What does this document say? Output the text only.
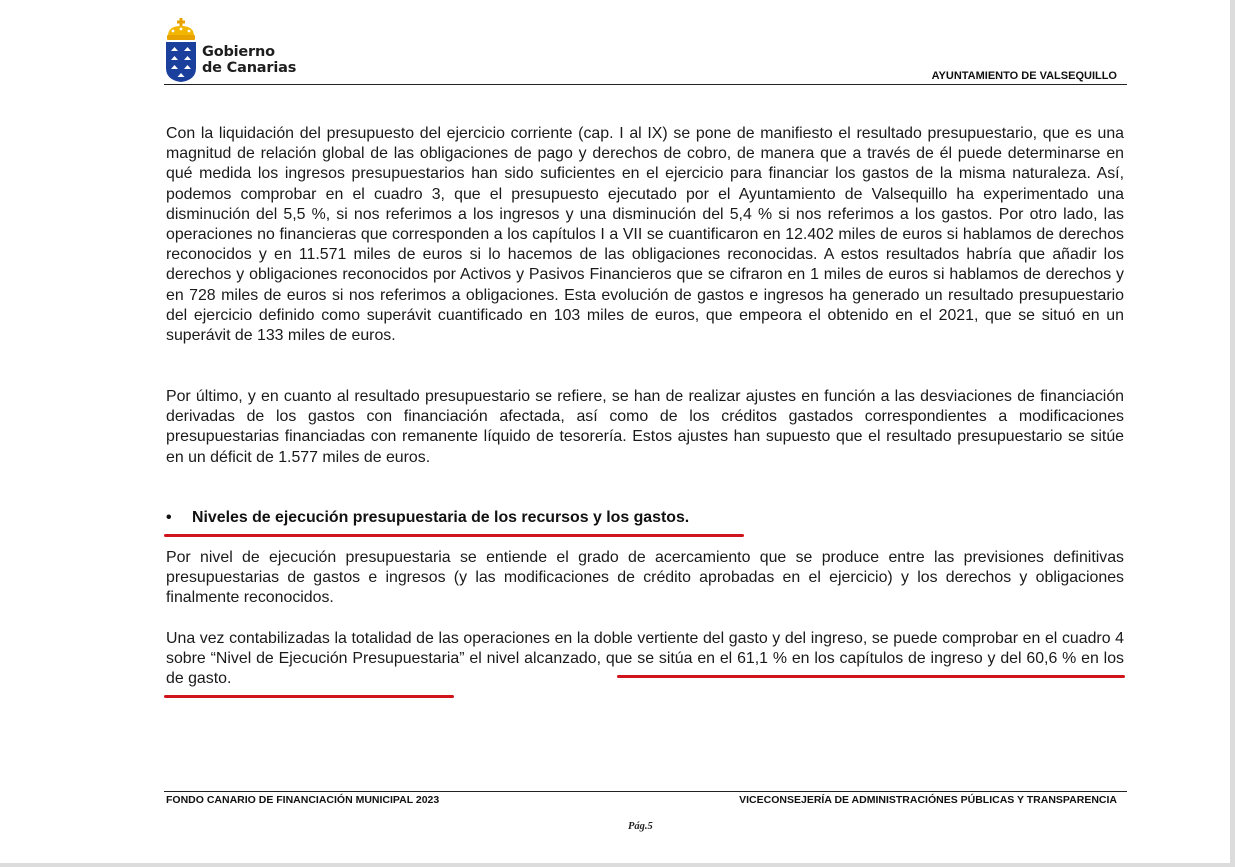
Gobierno
de Canarias	AYUNTAMIENTO DE VALSEQUILLO
Con la liquidación del presupuesto del ejercicio corriente (cap. I al IX) se pone de manifiesto el resultado presupuestario, que es una magnitud de relación global de las obligaciones de pago y derechos de cobro, de manera que a través de él puede determinarse en qué medida los ingresos presupuestarios han sido suficientes en el ejercicio para financiar los gastos de la misma naturaleza. Así, podemos comprobar en el cuadro 3, que el presupuesto ejecutado por el Ayuntamiento de Valsequillo ha experimentado una disminución del 5,5 %, si nos referimos a los ingresos y una disminución del 5,4 % si nos referimos a los gastos. Por otro lado, las operaciones no financieras que corresponden a los capítulos I a VII se cuantificaron en 12.402 miles de euros si hablamos de derechos reconocidos y en 11.571 miles de euros si lo hacemos de las obligaciones reconocidas. A estos resultados habría que añadir los derechos y obligaciones reconocidos por Activos y Pasivos Financieros que se cifraron en 1 miles de euros si hablamos de derechos y en 728 miles de euros si nos referimos a obligaciones. Esta evolución de gastos e ingresos ha generado un resultado presupuestario del ejercicio definido como superávit cuantificado en 103 miles de euros, que empeora el obtenido en el 2021, que se situó en un superávit de 133 miles de euros.
Por último, y en cuanto al resultado presupuestario se refiere, se han de realizar ajustes en función a las desviaciones de financiación derivadas de los gastos con financiación afectada, así como de los créditos gastados correspondientes a modificaciones presupuestarias financiadas con remanente líquido de tesorería. Estos ajustes han supuesto que el resultado presupuestario se sitúe en un déficit de 1.577 miles de euros.
• Niveles de ejecución presupuestaria de los recursos y los gastos.
Por nivel de ejecución presupuestaria se entiende el grado de acercamiento que se produce entre las previsiones definitivas presupuestarias de gastos e ingresos (y las modificaciones de crédito aprobadas en el ejercicio) y los derechos y obligaciones finalmente reconocidos.
Una vez contabilizadas la totalidad de las operaciones en la doble vertiente del gasto y del ingreso, se puede comprobar en el cuadro 4 sobre “Nivel de Ejecución Presupuestaria” el nivel alcanzado, que se sitúa en el 61,1 % en los capítulos de ingreso y del 60,6 % en los de gasto.
FONDO CANARIO DE FINANCIACIÓN MUNICIPAL 2023	VICECONSEJERÍA DE ADMINISTRACIÓNES PÚBLICAS Y TRANSPARENCIA
Pág.5
